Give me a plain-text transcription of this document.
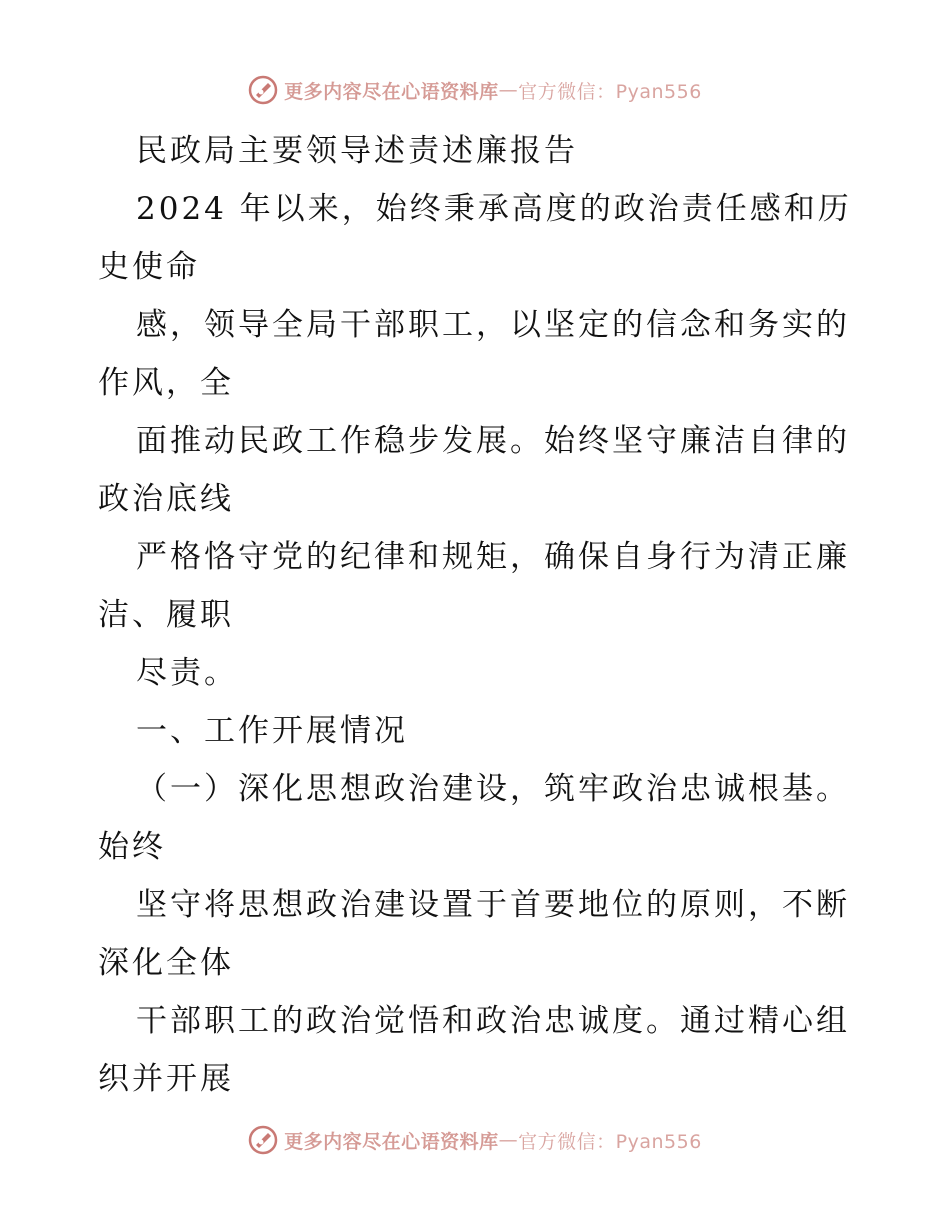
更多内容尽在心语资料库 — 官方微信：Pyan556
民政局主要领导述责述廉报告
2024 年以来，始终秉承高度的政治责任感和历
史使命
感，领导全局干部职工，以坚定的信念和务实的
作风，全
面推动民政工作稳步发展。始终坚守廉洁自律的
政治底线
严格恪守党的纪律和规矩，确保自身行为清正廉
洁、履职
尽责。
一、工作开展情况
（一）深化思想政治建设，筑牢政治忠诚根基。
始终
坚守将思想政治建设置于首要地位的原则，不断
深化全体
干部职工的政治觉悟和政治忠诚度。通过精心组
织并开展
更多内容尽在心语资料库 — 官方微信：Pyan556
